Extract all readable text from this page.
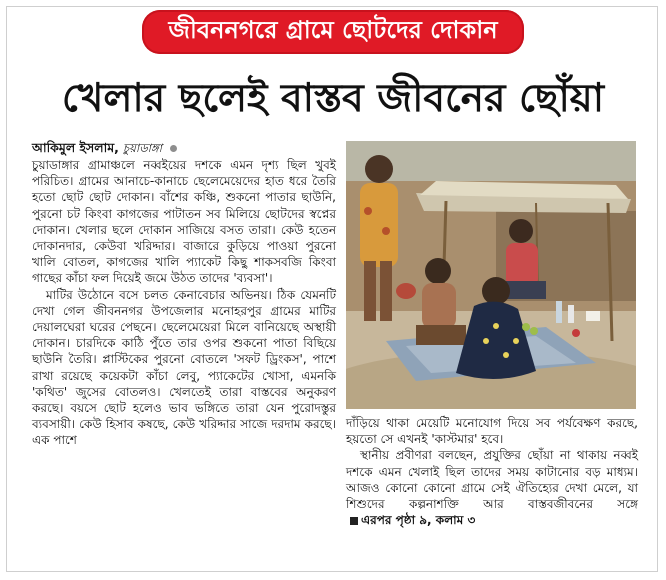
জীবননগরে গ্রামে ছোটদের দোকান
খেলার ছলেই বাস্তব জীবনের ছোঁয়া
আকিমুল ইসলাম, চুয়াডাঙ্গা

চুয়াডাঙ্গার গ্রামাঞ্চলে নব্বইয়ের দশকে এমন দৃশ্য ছিল খুবই পরিচিত। গ্রামের আনাচে-কানাচে ছেলেমেয়েদের হাত ধরে তৈরি হতো ছোট ছোট দোকান। বাঁশের কঞ্চি, শুকনো পাতার ছাউনি, পুরনো চট কিংবা কাগজের পাটাতন সব মিলিয়ে ছোটদের স্বপ্নের দোকান। খেলার ছলে দোকান সাজিয়ে বসত তারা। কেউ হতেন দোকানদার, কেউবা খরিদ্দার। বাজারে কুড়িয়ে পাওয়া পুরনো খালি বোতল, কাগজের খালি প্যাকেট কিছু শাকসবজি কিংবা গাছের কাঁচা ফল দিয়েই জমে উঠত তাদের 'ব্যবসা'।

মাটির উঠোনে বসে চলত কেনাবেচার অভিনয়। ঠিক যেমনটি দেখা গেল জীবননগর উপজেলার মনোহরপুর গ্রামের মাটির দেয়ালঘেরা ঘরের পেছনে। ছেলেমেয়েরা মিলে বানিয়েছে অস্থায়ী দোকান। চারদিকে কাঠি পুঁতে তার ওপর শুকনো পাতা বিছিয়ে ছাউনি তৈরি। প্লাস্টিকের পুরনো বোতলে 'সফট ড্রিংকস', পাশে রাখা রয়েছে কয়েকটা কাঁচা লেবু, প্যাকেটের খোসা, এমনকি 'কথিত' জুসের বোতলও। খেলতেই তারা বাস্তবের অনুকরণ করছে। বয়সে ছোট হলেও ভাব ভঙ্গিতে তারা যেন পুরোদস্তুর ব্যবসায়ী। কেউ হিসাব কষছে, কেউ খরিদ্দার সাজে দরদাম করছে। এক পাশে

দাঁড়িয়ে থাকা মেয়েটি মনোযোগ দিয়ে সব পর্যবেক্ষণ করছে, হয়তো সে এখনই 'কাস্টমার' হবে।

স্থানীয় প্রবীণরা বলছেন, প্রযুক্তির ছোঁয়া না থাকায় নব্বই দশকে এমন খেলাই ছিল তাদের সময় কাটানোর বড় মাধ্যম। আজও কোনো কোনো গ্রামে সেই ঐতিহ্যের দেখা মেলে, যা শিশুদের কল্পনাশক্তি আর বাস্তবজীবনের সঙ্গেএরপর পৃষ্ঠা ৯, কলাম ৩
